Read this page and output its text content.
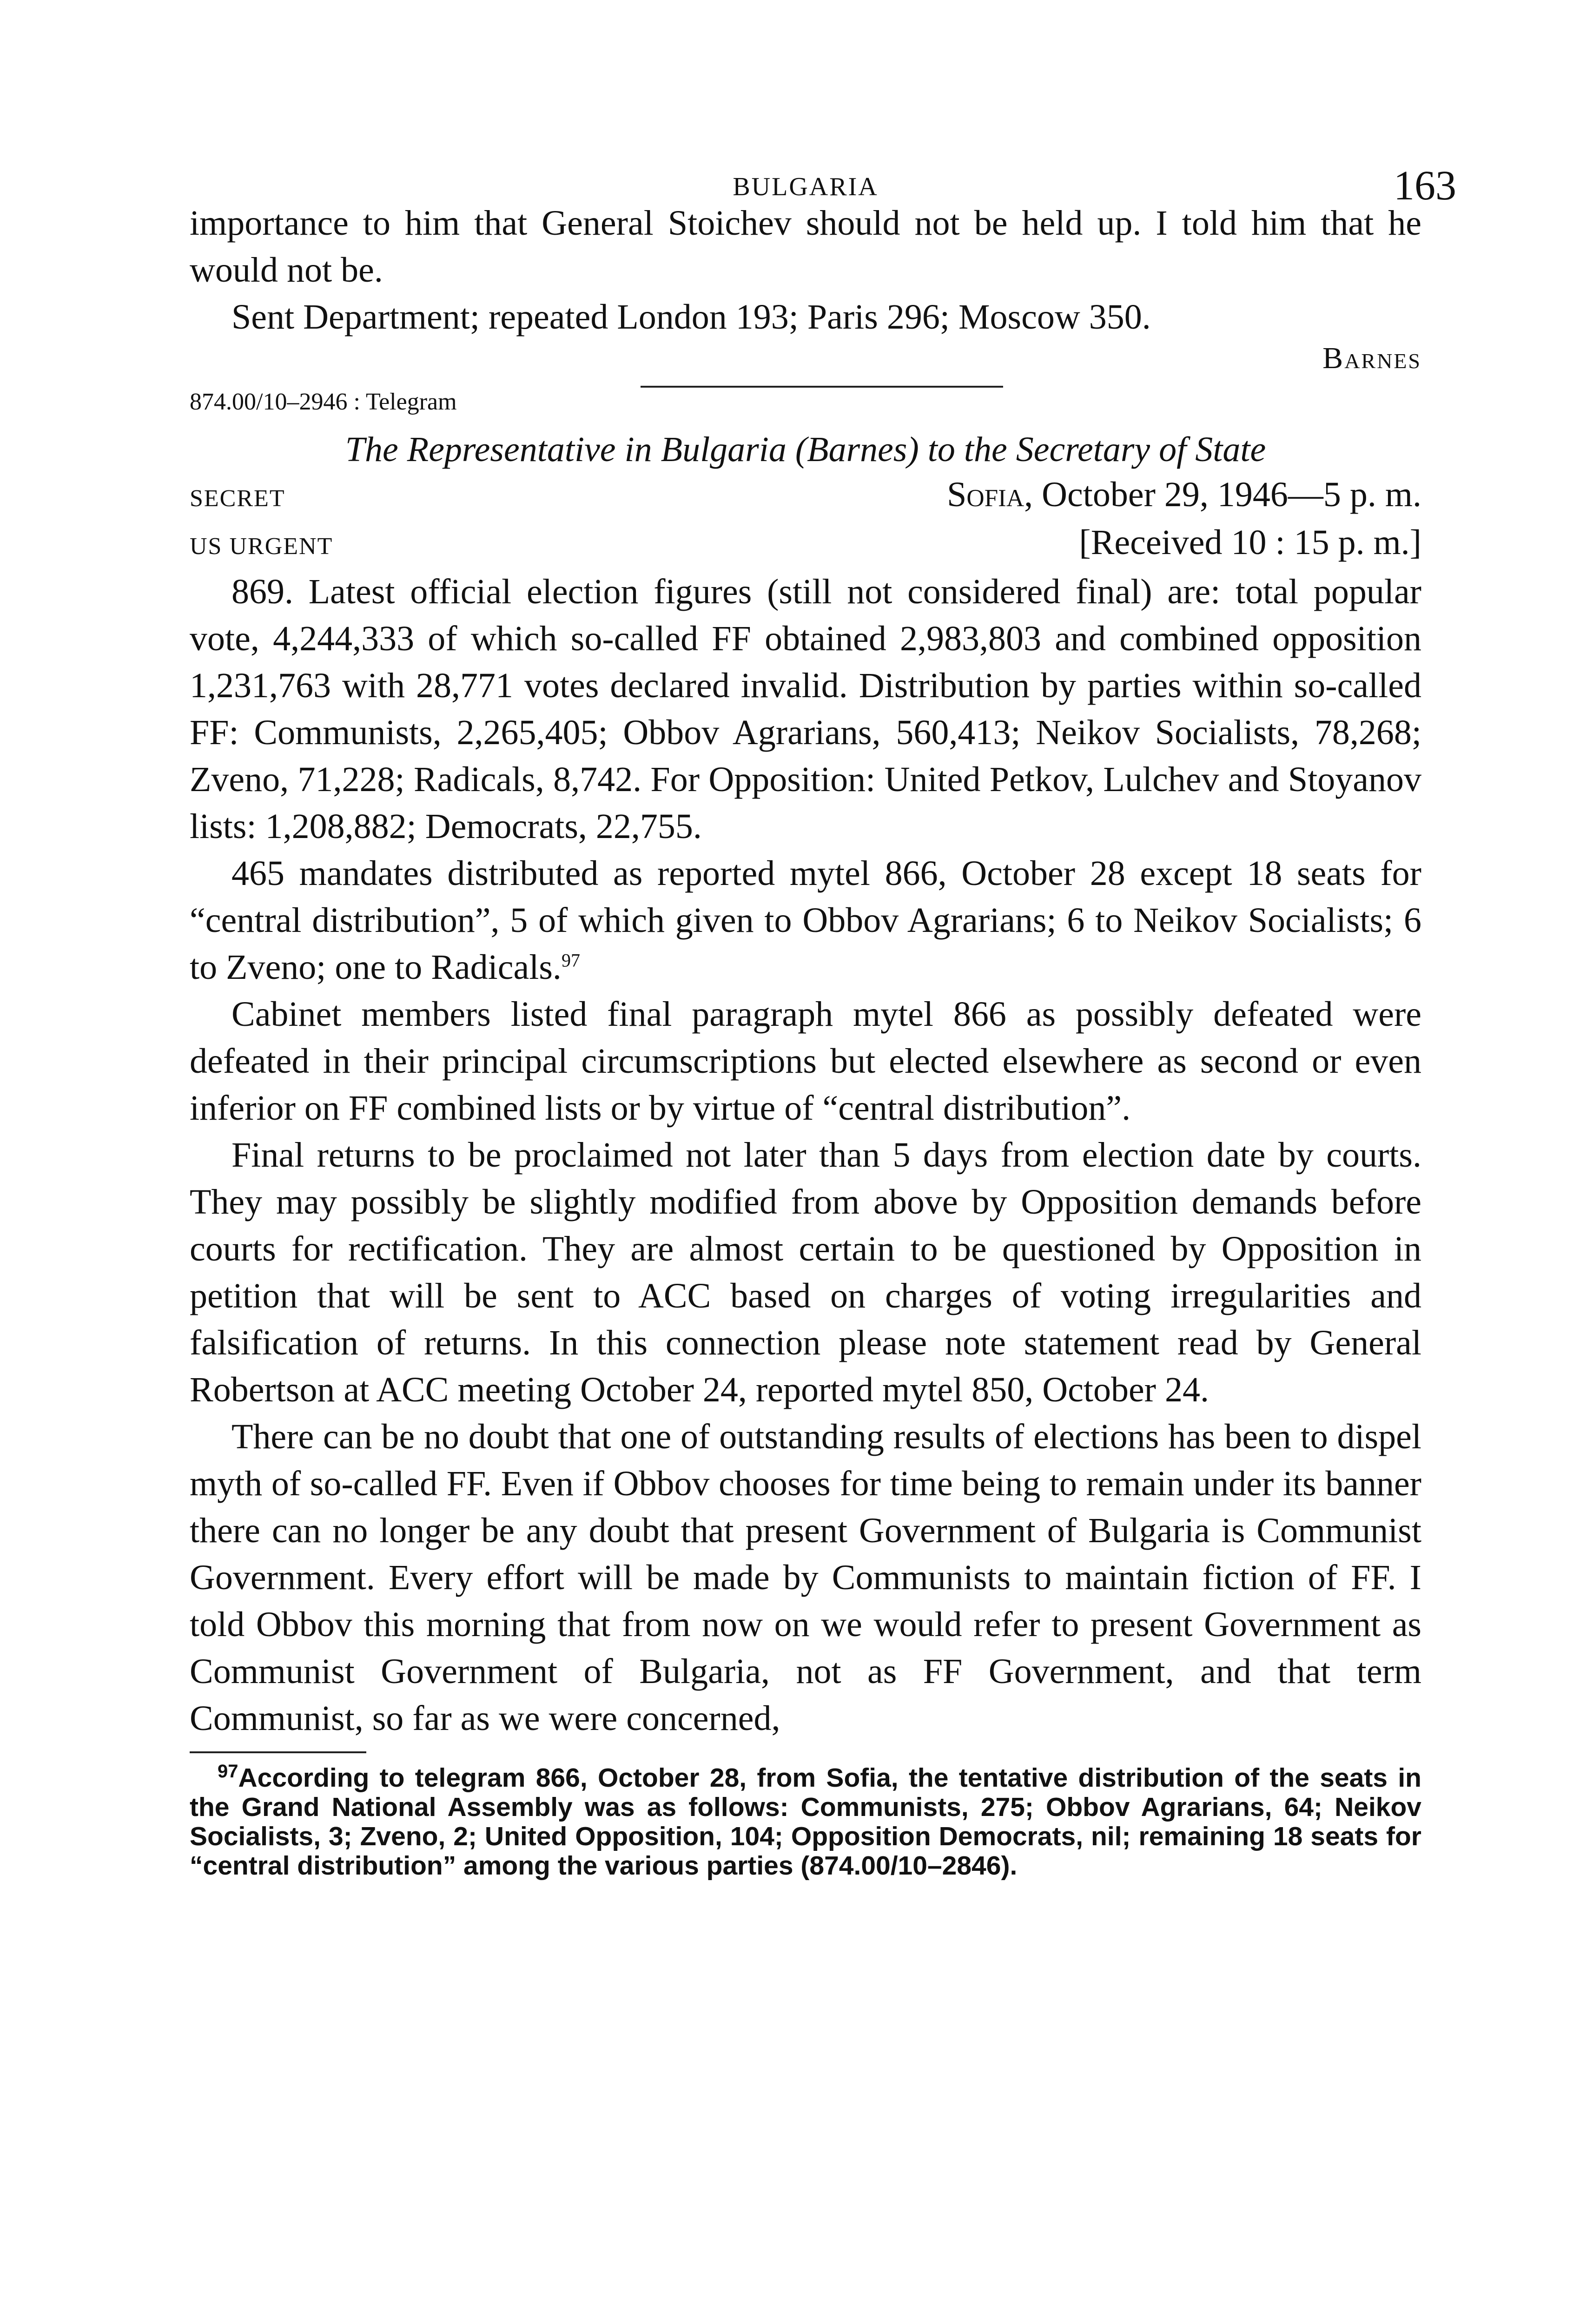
BULGARIA	163

importance to him that General Stoichev should not be held up. I told him that he would not be.

Sent Department; repeated London 193; Paris 296; Moscow 350.

Barnes
874.00/10–2946 : Telegram
The Representative in Bulgaria (Barnes) to the Secretary of State
SECRET	Sofia, October 29, 1946—5 p. m.
US URGENT	[Received 10 : 15 p. m.]

869. Latest official election figures (still not considered final) are: total popular vote, 4,244,333 of which so-called FF obtained 2,983,803 and combined opposition 1,231,763 with 28,771 votes declared invalid. Distribution by parties within so-called FF: Communists, 2,265,405; Obbov Agrarians, 560,413; Neikov Socialists, 78,268; Zveno, 71,228; Radicals, 8,742. For Opposition: United Petkov, Lulchev and Stoyanov lists: 1,208,882; Democrats, 22,755.

465 mandates distributed as reported mytel 866, October 28 except 18 seats for “central distribution”, 5 of which given to Obbov Agrarians; 6 to Neikov Socialists; 6 to Zveno; one to Radicals.$^{97}$

Cabinet members listed final paragraph mytel 866 as possibly defeated were defeated in their principal circumscriptions but elected elsewhere as second or even inferior on FF combined lists or by virtue of “central distribution”.

Final returns to be proclaimed not later than 5 days from election date by courts. They may possibly be slightly modified from above by Opposition demands before courts for rectification. They are almost certain to be questioned by Opposition in petition that will be sent to ACC based on charges of voting irregularities and falsification of returns. In this connection please note statement read by General Robertson at ACC meeting October 24, reported mytel 850, October 24.

There can be no doubt that one of outstanding results of elections has been to dispel myth of so-called FF. Even if Obbov chooses for time being to remain under its banner there can no longer be any doubt that present Government of Bulgaria is Communist Government. Every effort will be made by Communists to maintain fiction of FF. I told Obbov this morning that from now on we would refer to present Government as Communist Government of Bulgaria, not as FF Government, and that term Communist, so far as we were concerned,

$^{97}$According to telegram 866, October 28, from Sofia, the tentative distribution of the seats in the Grand National Assembly was as follows: Communists, 275; Obbov Agrarians, 64; Neikov Socialists, 3; Zveno, 2; United Opposition, 104; Opposition Democrats, nil; remaining 18 seats for “central distribution” among the various parties (874.00/10–2846).
